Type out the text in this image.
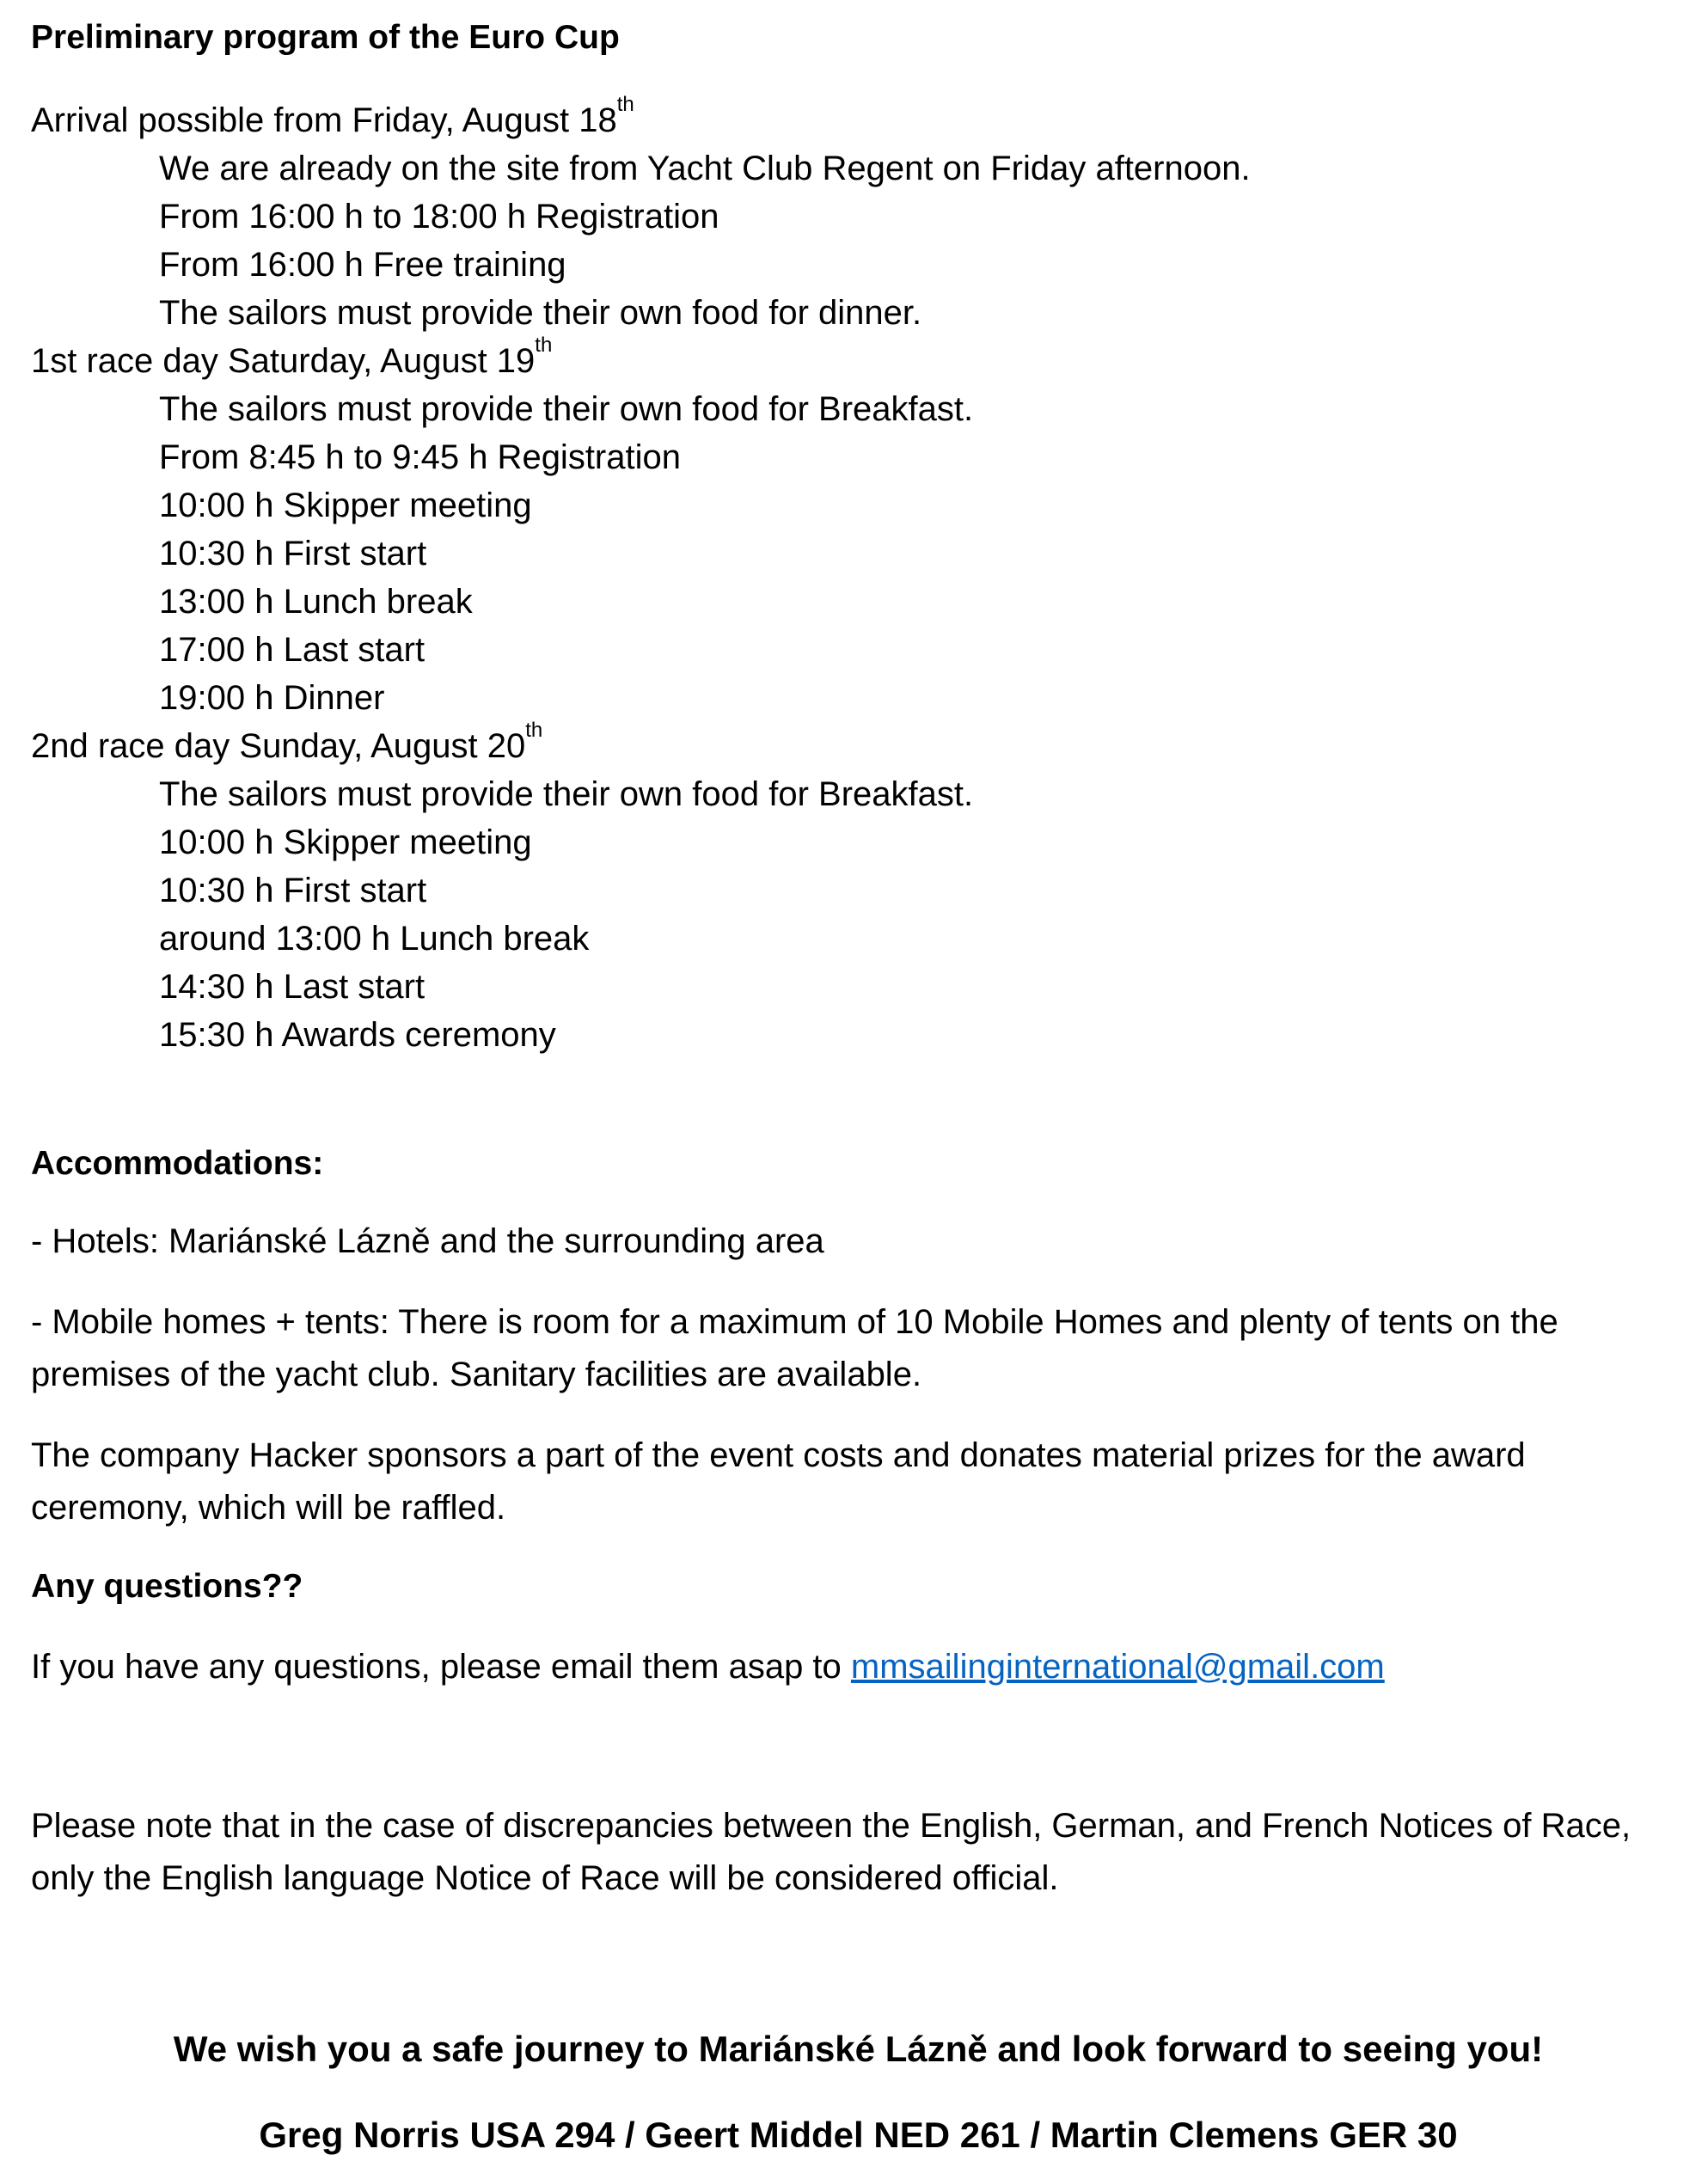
Preliminary program of the Euro Cup

Arrival possible from Friday, August 18th

We are already on the site from Yacht Club Regent on Friday afternoon.

From 16:00 h to 18:00 h Registration

From 16:00 h Free training

The sailors must provide their own food for dinner.

1st race day Saturday, August 19th

The sailors must provide their own food for Breakfast.

From 8:45 h to 9:45 h Registration

10:00 h Skipper meeting

10:30 h First start

13:00 h Lunch break

17:00 h Last start

19:00 h Dinner

2nd race day Sunday, August 20th

The sailors must provide their own food for Breakfast.

10:00 h Skipper meeting

10:30 h First start

around 13:00 h Lunch break

14:30 h Last start

15:30 h Awards ceremony

Accommodations:

- Hotels: Mariánské Lázně and the surrounding area

- Mobile homes + tents: There is room for a maximum of 10 Mobile Homes and plenty of tents on the premises of the yacht club. Sanitary facilities are available.

The company Hacker sponsors a part of the event costs and donates material prizes for the award ceremony, which will be raffled.

Any questions??

If you have any questions, please email them asap to mmsailinginternational@gmail.com

Please note that in the case of discrepancies between the English, German, and French Notices of Race, only the English language Notice of Race will be considered official.

We wish you a safe journey to Mariánské Lázně and look forward to seeing you!

Greg Norris USA 294 / Geert Middel NED 261 / Martin Clemens GER 30
